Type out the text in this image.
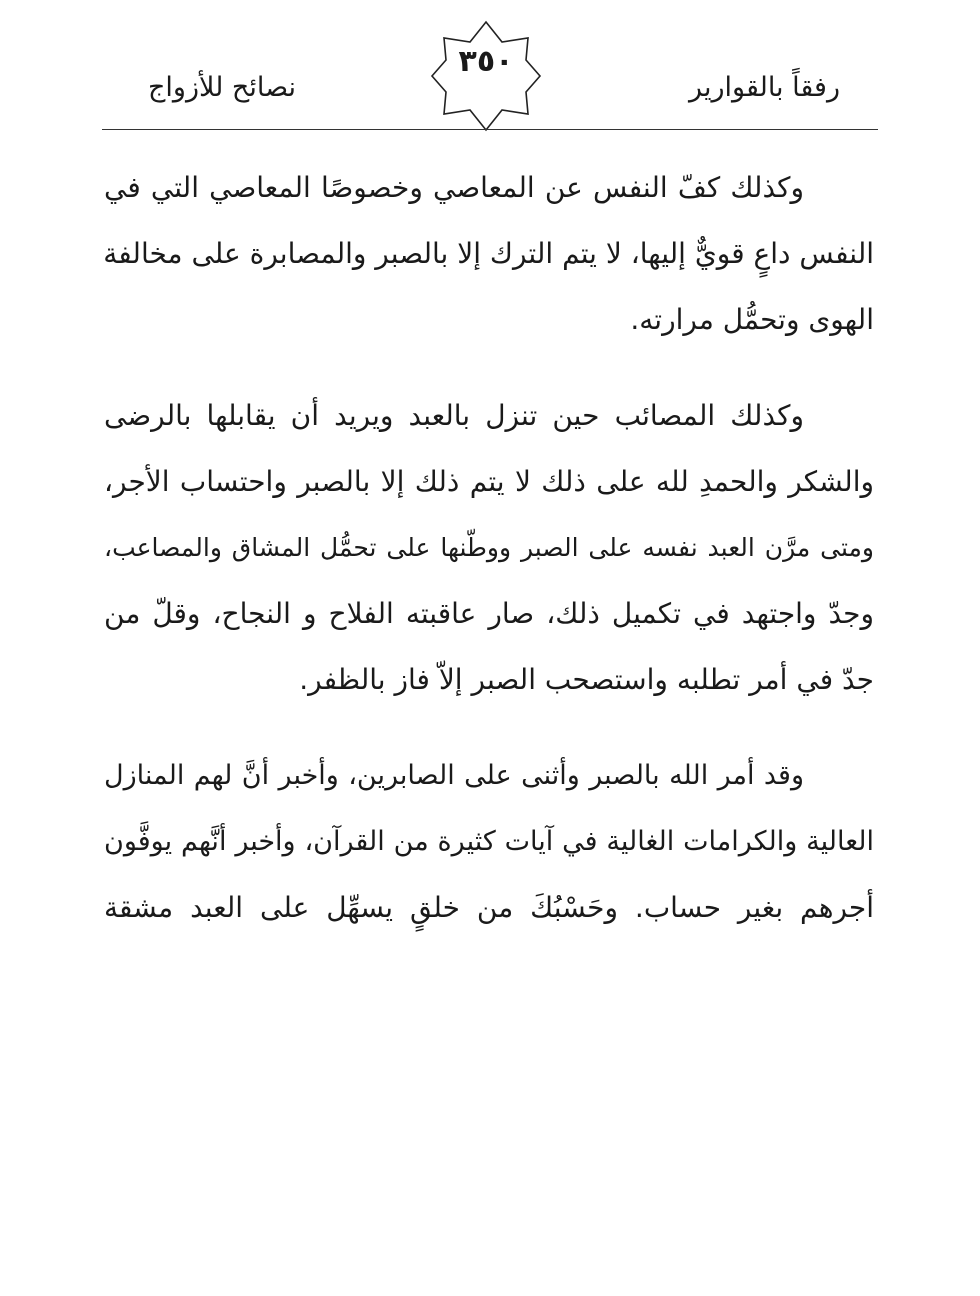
رفقاً بالقوارير
٣٥٠
نصائح للأزواج
وكذلك كفّ النفس عن المعاصي وخصوصًا المعاصي التي في
النفس داعٍ قويٌّ إليها، لا يتم الترك إلا بالصبر والمصابرة على مخالفة
الهوى وتحمُّل مرارته.
وكذلك المصائب حين تنزل بالعبد ويريد أن يقابلها بالرضى
والشكر والحمدِ لله على ذلك لا يتم ذلك إلا بالصبر واحتساب الأجر،
ومتى مرَّن العبد نفسه على الصبر ووطّنها على تحمُّل المشاق والمصاعب،
وجدّ واجتهد في تكميل ذلك، صار عاقبته الفلاح و النجاح، وقلّ من
جدّ في أمر تطلبه واستصحب الصبر إلاّ فاز بالظفر.
وقد أمر الله بالصبر وأثنى على الصابرين، وأخبر أنَّ لهم المنازل
العالية والكرامات الغالية في آيات كثيرة من القرآن، وأخبر أنَّهم يوفَّون
أجرهم بغير حساب. وحَسْبُكَ من خلقٍ يسهِّل على العبد مشقة
